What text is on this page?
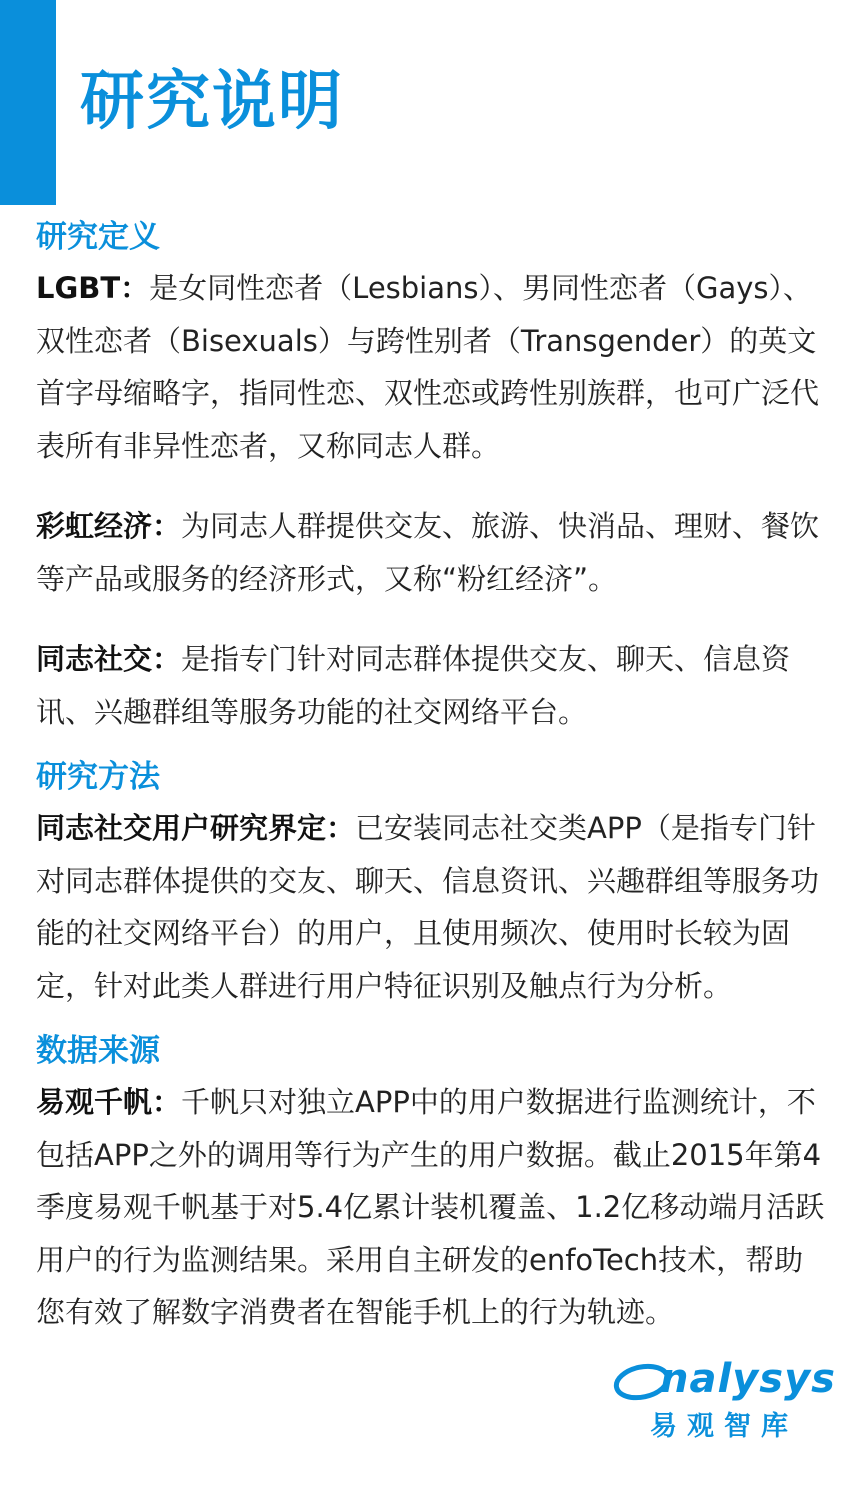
研究说明
研究定义

LGBT：是女同性恋者（Lesbians）、男同性恋者（Gays）、双性恋者（Bisexuals）与跨性别者（Transgender）的英文首字母缩略字，指同性恋、双性恋或跨性别族群，也可广泛代表所有非异性恋者，又称同志人群。

彩虹经济：为同志人群提供交友、旅游、快消品、理财、餐饮等产品或服务的经济形式，又称“粉红经济”。

同志社交：是指专门针对同志群体提供交友、聊天、信息资讯、兴趣群组等服务功能的社交网络平台。

研究方法

同志社交用户研究界定：已安装同志社交类APP（是指专门针对同志群体提供的交友、聊天、信息资讯、兴趣群组等服务功能的社交网络平台）的用户，且使用频次、使用时长较为固定，针对此类人群进行用户特征识别及触点行为分析。

数据来源

易观千帆：千帆只对独立APP中的用户数据进行监测统计，不包括APP之外的调用等行为产生的用户数据。截止2015年第4季度易观千帆基于对5.4亿累计装机覆盖、1.2亿移动端月活跃用户的行为监测结果。采用自主研发的enfoTech技术，帮助您有效了解数字消费者在智能手机上的行为轨迹。

nalysys
易观智库
